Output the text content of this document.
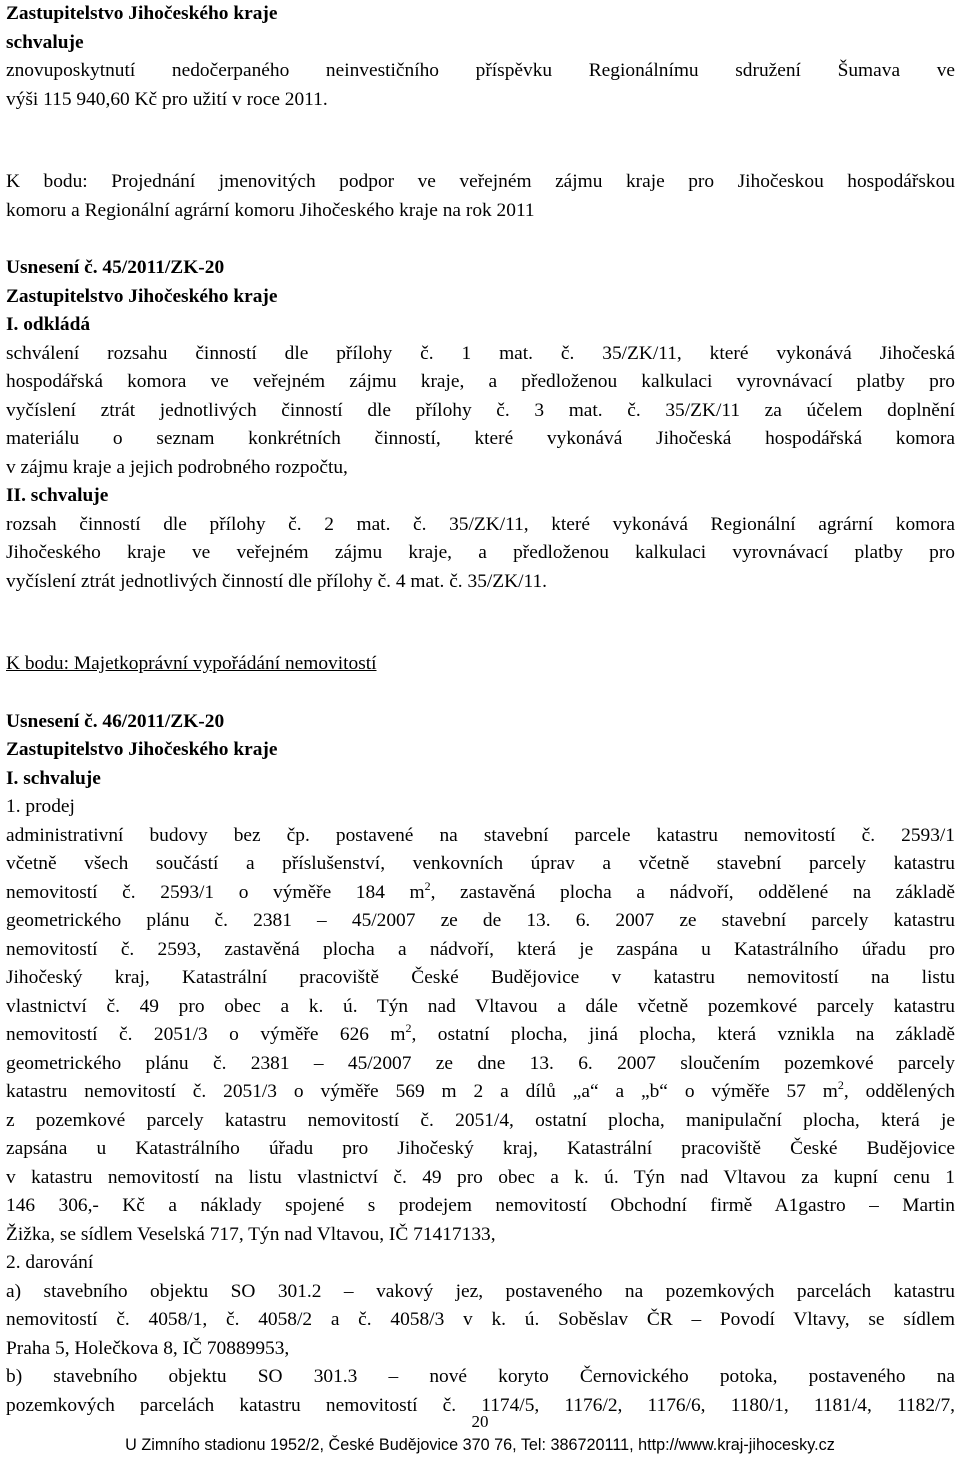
Zastupitelstvo Jihočeského kraje
schvaluje
znovuposkytnutí nedočerpaného neinvestičního příspěvku Regionálnímu sdružení Šumava ve
výši 115 940,60 Kč pro užití v roce 2011.
K bodu: Projednání jmenovitých podpor ve veřejném zájmu kraje pro Jihočeskou hospodářskou
komoru a Regionální agrární komoru Jihočeského kraje na rok 2011
Usnesení č. 45/2011/ZK-20
Zastupitelstvo Jihočeského kraje
I. odkládá
schválení rozsahu činností dle přílohy č. 1 mat. č. 35/ZK/11, které vykonává Jihočeská
hospodářská komora ve veřejném zájmu kraje, a předloženou kalkulaci vyrovnávací platby pro
vyčíslení ztrát jednotlivých činností dle přílohy č. 3 mat. č. 35/ZK/11 za účelem doplnění
materiálu o seznam konkrétních činností, které vykonává Jihočeská hospodářská komora
v zájmu kraje a jejich podrobného rozpočtu,
II. schvaluje
rozsah činností dle přílohy č. 2 mat. č. 35/ZK/11, které vykonává Regionální agrární komora
Jihočeského kraje ve veřejném zájmu kraje, a předloženou kalkulaci vyrovnávací platby pro
vyčíslení ztrát jednotlivých činností dle přílohy č. 4 mat. č. 35/ZK/11.
K bodu: Majetkoprávní vypořádání nemovitostí
Usnesení č. 46/2011/ZK-20
Zastupitelstvo Jihočeského kraje
I. schvaluje
1. prodej
administrativní budovy bez čp. postavené na stavební parcele katastru nemovitostí č. 2593/1
včetně všech součástí a příslušenství, venkovních úprav a včetně stavební parcely katastru
nemovitostí č. 2593/1 o výměře 184 $m^2$, zastavěná plocha a nádvoří, oddělené na základě
geometrického plánu č. 2381 – 45/2007 ze de 13. 6. 2007 ze stavební parcely katastru
nemovitostí č. 2593, zastavěná plocha a nádvoří, která je zaspána u Katastrálního úřadu pro
Jihočeský kraj, Katastrální pracoviště České Budějovice v katastru nemovitostí na listu
vlastnictví č. 49 pro obec a k. ú. Týn nad Vltavou a dále včetně pozemkové parcely katastru
nemovitostí č. 2051/3 o výměře 626 $m^2$, ostatní plocha, jiná plocha, která vznikla na základě
geometrického plánu č. 2381 – 45/2007 ze dne 13. 6. 2007 sloučením pozemkové parcely
katastru nemovitostí č. 2051/3 o výměře 569 m 2 a dílů „a“ a „b“ o výměře 57 $m^2$, oddělených
z pozemkové parcely katastru nemovitostí č. 2051/4, ostatní plocha, manipulační plocha, která je
zapsána u Katastrálního úřadu pro Jihočeský kraj, Katastrální pracoviště České Budějovice
v katastru nemovitostí na listu vlastnictví č. 49 pro obec a k. ú. Týn nad Vltavou za kupní cenu 1
146 306,- Kč a náklady spojené s prodejem nemovitostí Obchodní firmě A1gastro – Martin
Žižka, se sídlem Veselská 717, Týn nad Vltavou, IČ 71417133,
2. darování
a) stavebního objektu SO 301.2 – vakový jez, postaveného na pozemkových parcelách katastru
nemovitostí č. 4058/1, č. 4058/2 a č. 4058/3 v k. ú. Soběslav ČR – Povodí Vltavy, se sídlem
Praha 5, Holečkova 8, IČ 70889953,
b) stavebního objektu SO 301.3 – nové koryto Černovického potoka, postaveného na
pozemkových parcelách katastru nemovitostí č. 1174/5, 1176/2, 1176/6, 1180/1, 1181/4, 1182/7,
20
U Zimního stadionu 1952/2, České Budějovice 370 76, Tel: 386720111, http://www.kraj-jihocesky.cz
